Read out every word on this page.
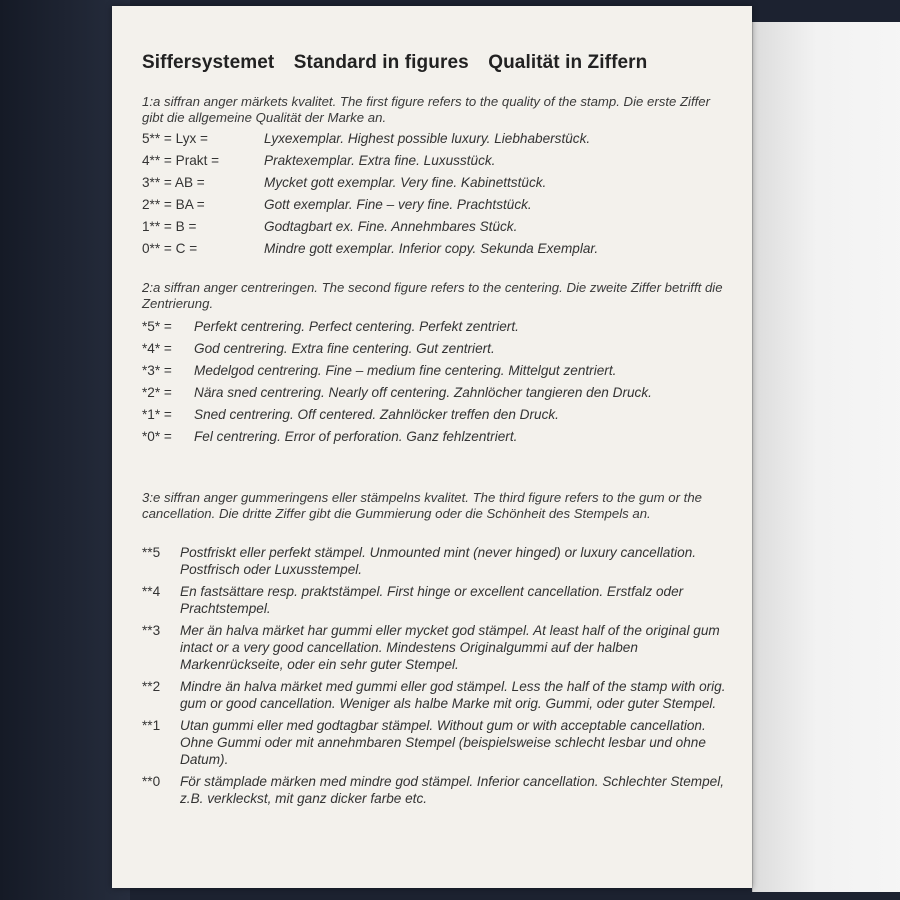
Siffersystemet Standard in figures Qualität in Ziffern
1:a siffran anger märkets kvalitet. The first figure refers to the quality of the stamp. Die erste Ziffer gibt die allgemeine Qualität der Marke an.
5** = Lyx =	Lyxexemplar. Highest possible luxury. Liebhaberstück.
4** = Prakt =	Praktexemplar. Extra fine. Luxusstück.
3** = AB =	Mycket gott exemplar. Very fine. Kabinettstück.
2** = BA =	Gott exemplar. Fine – very fine. Prachtstück.
1** = B =	Godtagbart ex. Fine. Annehmbares Stück.
0** = C =	Mindre gott exemplar. Inferior copy. Sekunda Exemplar.
2:a siffran anger centreringen. The second figure refers to the centering. Die zweite Ziffer betrifft die Zentrierung.
*5* =	Perfekt centrering. Perfect centering. Perfekt zentriert.
*4* =	God centrering. Extra fine centering. Gut zentriert.
*3* =	Medelgod centrering. Fine – medium fine centering. Mittelgut zentriert.
*2* =	Nära sned centrering. Nearly off centering. Zahnlöcher tangieren den Druck.
*1* =	Sned centrering. Off centered. Zahnlöcker treffen den Druck.
*0* =	Fel centrering. Error of perforation. Ganz fehlzentriert.
3:e siffran anger gummeringens eller stämpelns kvalitet. The third figure refers to the gum or the cancellation. Die dritte Ziffer gibt die Gummierung oder die Schönheit des Stempels an.
**5	Postfriskt eller perfekt stämpel. Unmounted mint (never hinged) or luxury cancellation. Postfrisch oder Luxusstempel.
**4	En fastsättare resp. praktstämpel. First hinge or excellent cancellation. Erstfalz oder Prachtstempel.
**3	Mer än halva märket har gummi eller mycket god stämpel. At least half of the original gum intact or a very good cancellation. Mindestens Originalgummi auf der halben Markenrückseite, oder ein sehr guter Stempel.
**2	Mindre än halva märket med gummi eller god stämpel. Less the half of the stamp with orig. gum or good cancellation. Weniger als halbe Marke mit orig. Gummi, oder guter Stempel.
**1	Utan gummi eller med godtagbar stämpel. Without gum or with acceptable cancellation. Ohne Gummi oder mit annehmbaren Stempel (beispielsweise schlecht lesbar und ohne Datum).
**0	För stämplade märken med mindre god stämpel. Inferior cancellation. Schlechter Stempel, z.B. verkleckst, mit ganz dicker farbe etc.
